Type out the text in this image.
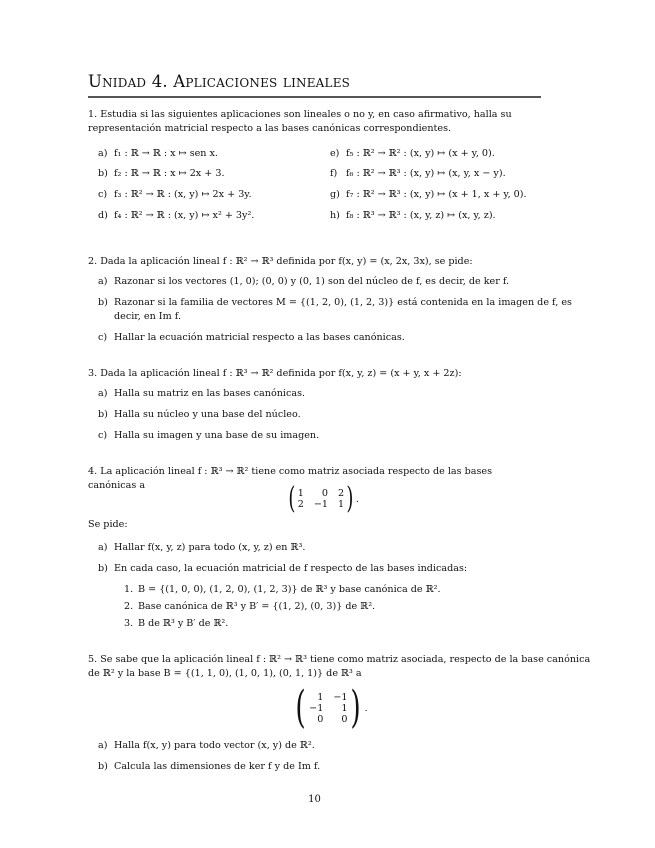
Unidad 4. Aplicaciones lineales
1. Estudia si las siguientes aplicaciones son lineales o no y, en caso afirmativo, halla su representación matricial respecto a las bases canónicas correspondientes.
a) f₁ : ℝ → ℝ : x ↦ sen x.
b) f₂ : ℝ → ℝ : x ↦ 2x + 3.
c) f₃ : ℝ² → ℝ : (x, y) ↦ 2x + 3y.
d) f₄ : ℝ² → ℝ : (x, y) ↦ x² + 3y².
e) f₅ : ℝ² → ℝ² : (x, y) ↦ (x + y, 0).
f) f₆ : ℝ² → ℝ³ : (x, y) ↦ (x, y, x − y).
g) f₇ : ℝ² → ℝ³ : (x, y) ↦ (x + 1, x + y, 0).
h) f₈ : ℝ³ → ℝ³ : (x, y, z) ↦ (x, y, z).
2. Dada la aplicación lineal f : ℝ² → ℝ³ definida por f(x, y) = (x, 2x, 3x), se pide:
a) Razonar si los vectores (1, 0); (0, 0) y (0, 1) son del núcleo de f, es decir, de ker f.
b) Razonar si la familia de vectores M = {(1, 2, 0), (1, 2, 3)} está contenida en la imagen de f, es
decir, en Im f.
c) Hallar la ecuación matricial respecto a las bases canónicas.
3. Dada la aplicación lineal f : ℝ³ → ℝ² definida por f(x, y, z) = (x + y, x + 2z):
a) Halla su matriz en las bases canónicas.
b) Halla su núcleo y una base del núcleo.
c) Halla su imagen y una base de su imagen.
4. La aplicación lineal f : ℝ³ → ℝ² tiene como matriz asociada respecto de las bases canónicas a	( 1	0 2
2 −1 1 ) .
Se pide:
a) Hallar f(x, y, z) para todo (x, y, z) en ℝ³.
b) En cada caso, la ecuación matricial de f respecto de las bases indicadas:
1. B = {(1, 0, 0), (1, 2, 0), (1, 2, 3)} de ℝ³ y base canónica de ℝ².
2. Base canónica de ℝ³ y B′ = {(1, 2), (0, 3)} de ℝ².
3. B de ℝ³ y B′ de ℝ².
5. Se sabe que la aplicación lineal f : ℝ² → ℝ³ tiene como matriz asociada, respecto de la base canónica
de ℝ² y la base B = {(1, 1, 0), (1, 0, 1), (0, 1, 1)} de ℝ³ a
(	1 −1
−1	1
0	0 ) .
a) Halla f(x, y) para todo vector (x, y) de ℝ².
b) Calcula las dimensiones de ker f y de Im f.
10
